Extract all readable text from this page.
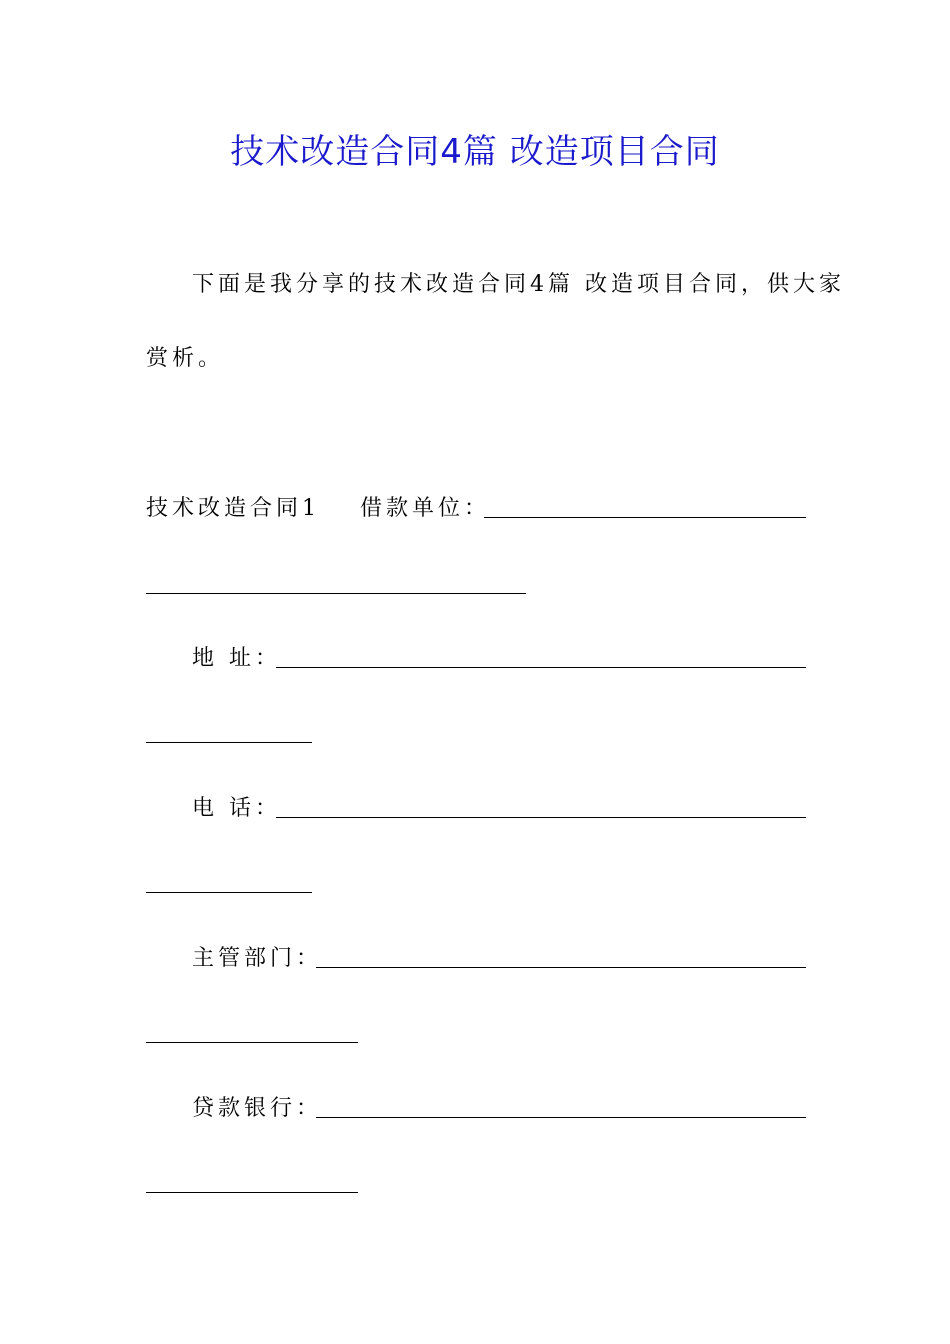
技术改造合同4篇 改造项目合同
下面是我分享的技术改造合同4篇 改造项目合同，供大家
赏析。
技术改造合同1 借款单位：
地 址：
电 话：
主管部门：
贷款银行：
